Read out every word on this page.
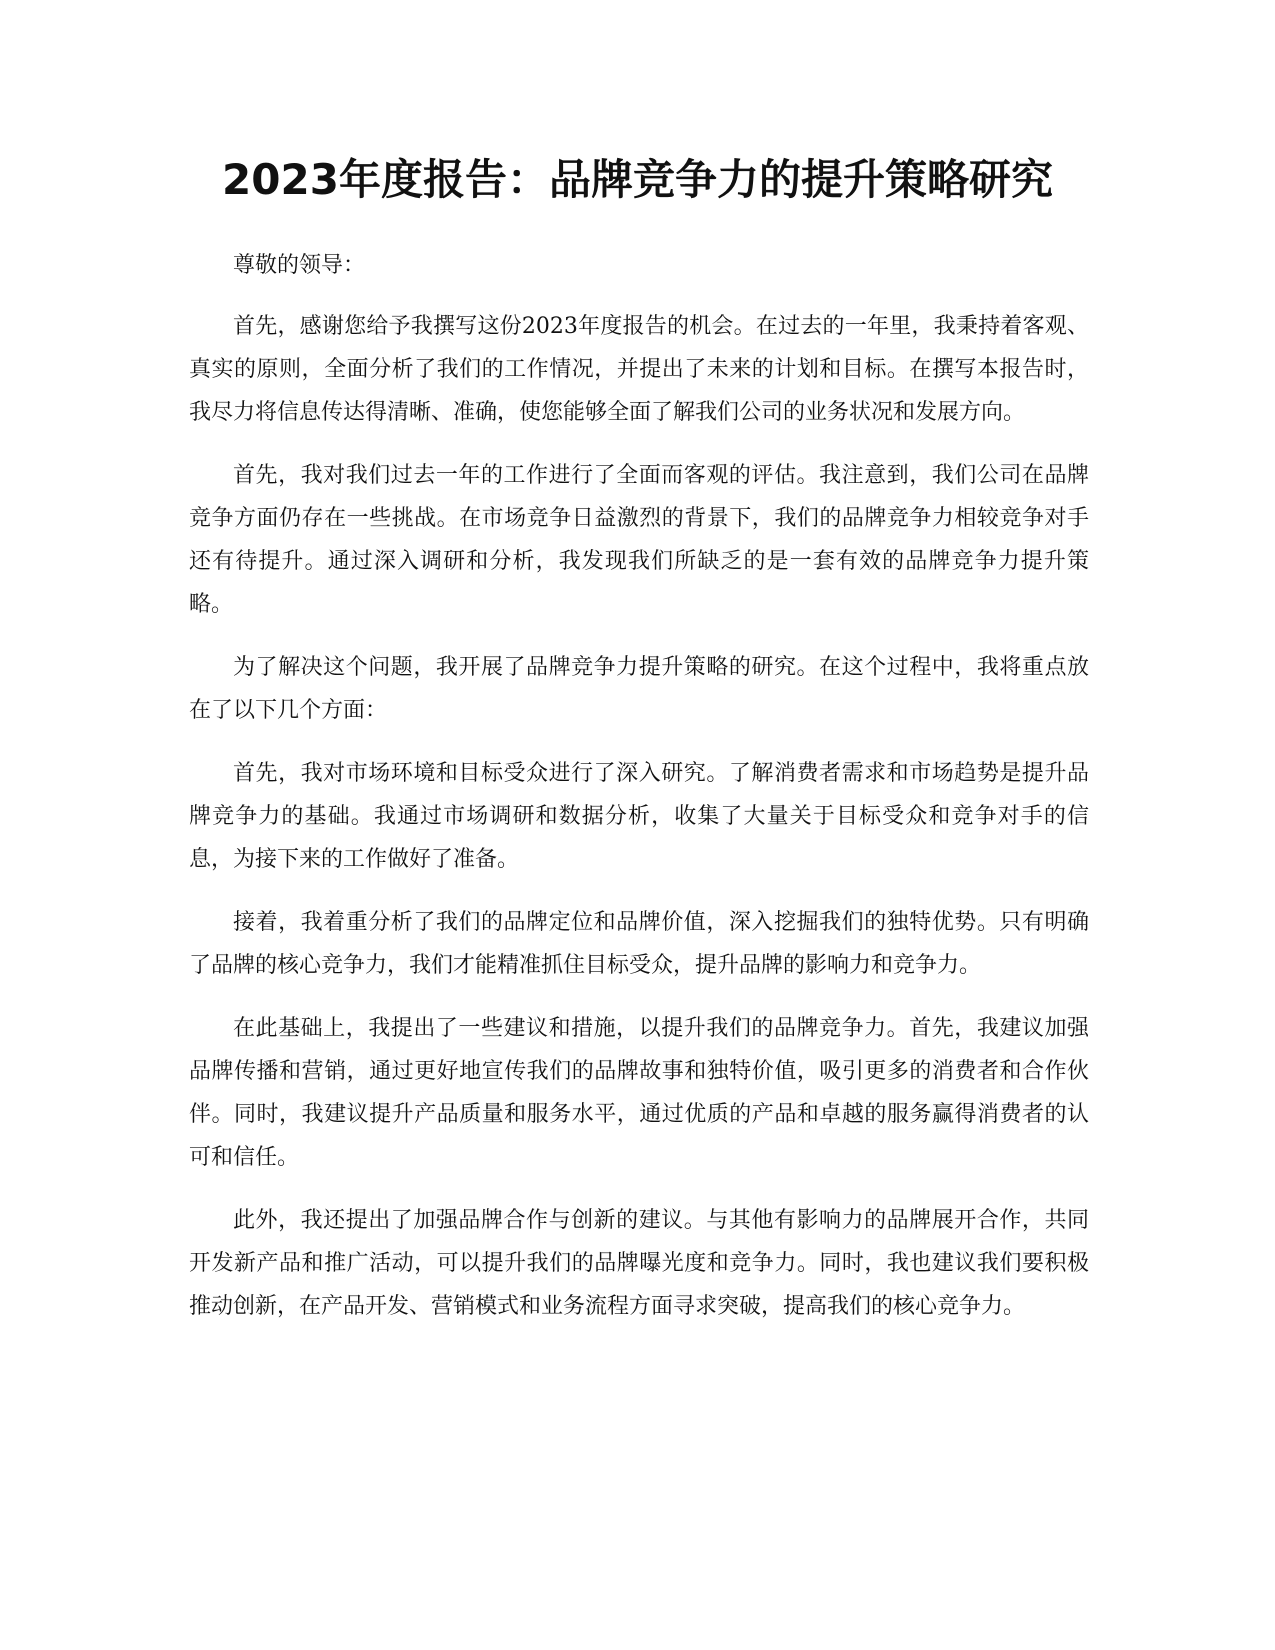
2023年度报告：品牌竞争力的提升策略研究

尊敬的领导：

首先，感谢您给予我撰写这份2023年度报告的机会。在过去的一年里，我秉持着客观、真实的原则，全面分析了我们的工作情况，并提出了未来的计划和目标。在撰写本报告时，我尽力将信息传达得清晰、准确，使您能够全面了解我们公司的业务状况和发展方向。

首先，我对我们过去一年的工作进行了全面而客观的评估。我注意到，我们公司在品牌竞争方面仍存在一些挑战。在市场竞争日益激烈的背景下，我们的品牌竞争力相较竞争对手还有待提升。通过深入调研和分析，我发现我们所缺乏的是一套有效的品牌竞争力提升策略。

为了解决这个问题，我开展了品牌竞争力提升策略的研究。在这个过程中，我将重点放在了以下几个方面：

首先，我对市场环境和目标受众进行了深入研究。了解消费者需求和市场趋势是提升品牌竞争力的基础。我通过市场调研和数据分析，收集了大量关于目标受众和竞争对手的信息，为接下来的工作做好了准备。

接着，我着重分析了我们的品牌定位和品牌价值，深入挖掘我们的独特优势。只有明确了品牌的核心竞争力，我们才能精准抓住目标受众，提升品牌的影响力和竞争力。

在此基础上，我提出了一些建议和措施，以提升我们的品牌竞争力。首先，我建议加强品牌传播和营销，通过更好地宣传我们的品牌故事和独特价值，吸引更多的消费者和合作伙伴。同时，我建议提升产品质量和服务水平，通过优质的产品和卓越的服务赢得消费者的认可和信任。

此外，我还提出了加强品牌合作与创新的建议。与其他有影响力的品牌展开合作，共同开发新产品和推广活动，可以提升我们的品牌曝光度和竞争力。同时，我也建议我们要积极推动创新，在产品开发、营销模式和业务流程方面寻求突破，提高我们的核心竞争力。
